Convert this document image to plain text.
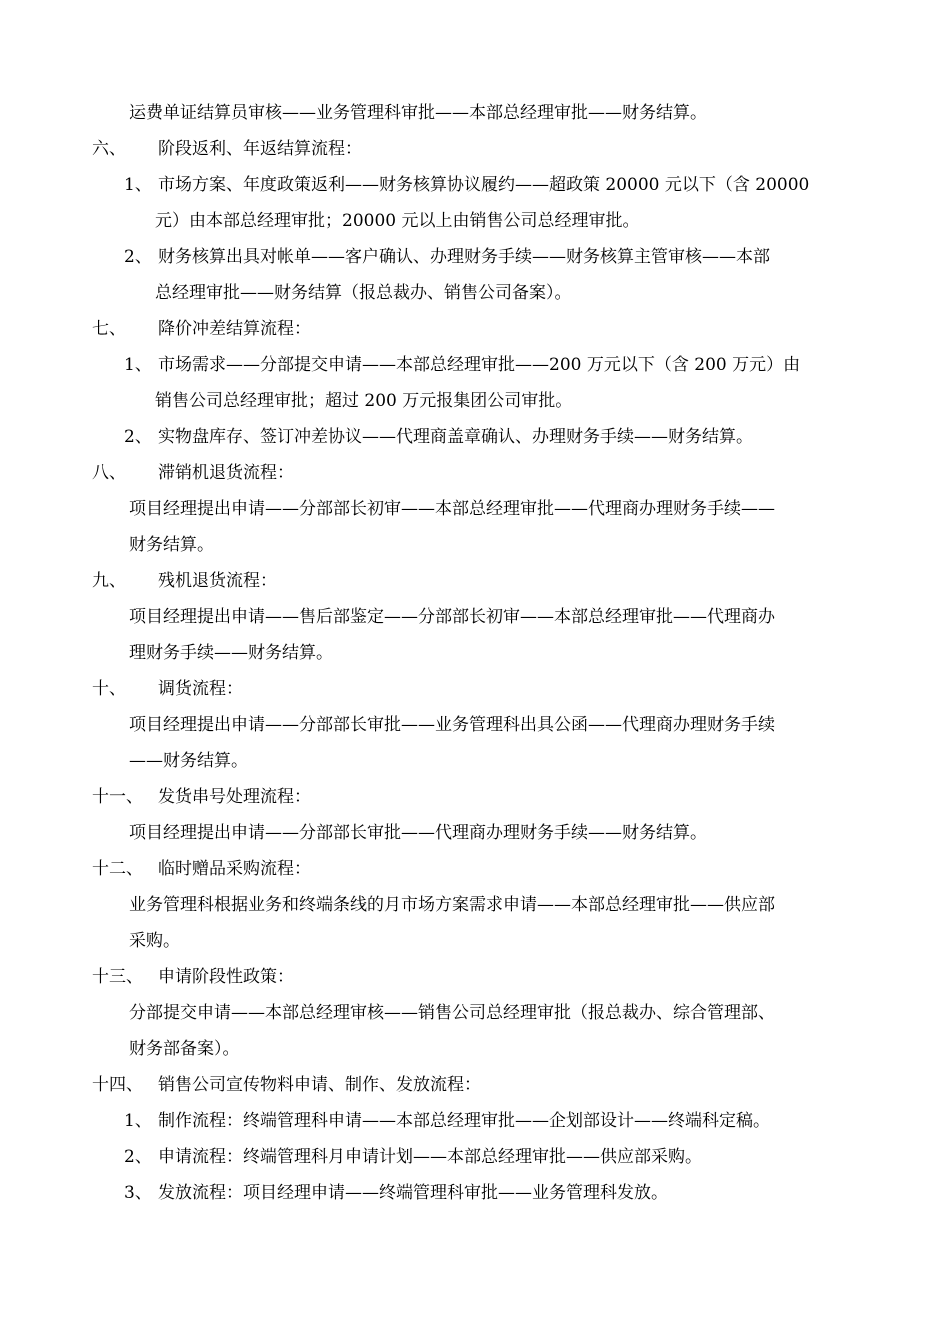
运费单证结算员审核——业务管理科审批——本部总经理审批——财务结算。
六、 阶段返利、年返结算流程：
1、 市场方案、年度政策返利——财务核算协议履约——超政策 20000 元以下（含 20000
元）由本部总经理审批；20000 元以上由销售公司总经理审批。
2、 财务核算出具对帐单——客户确认、办理财务手续——财务核算主管审核——本部
总经理审批——财务结算（报总裁办、销售公司备案）。
七、 降价冲差结算流程：
1、 市场需求——分部提交申请——本部总经理审批——200 万元以下（含 200 万元）由
销售公司总经理审批；超过 200 万元报集团公司审批。
2、 实物盘库存、签订冲差协议——代理商盖章确认、办理财务手续——财务结算。
八、 滞销机退货流程：
项目经理提出申请——分部部长初审——本部总经理审批——代理商办理财务手续——
财务结算。
九、 残机退货流程：
项目经理提出申请——售后部鉴定——分部部长初审——本部总经理审批——代理商办
理财务手续——财务结算。
十、 调货流程：
项目经理提出申请——分部部长审批——业务管理科出具公函——代理商办理财务手续
——财务结算。
十一、 发货串号处理流程：
项目经理提出申请——分部部长审批——代理商办理财务手续——财务结算。
十二、 临时赠品采购流程：
业务管理科根据业务和终端条线的月市场方案需求申请——本部总经理审批——供应部
采购。
十三、 申请阶段性政策：
分部提交申请——本部总经理审核——销售公司总经理审批（报总裁办、综合管理部、
财务部备案）。
十四、 销售公司宣传物料申请、制作、发放流程：
1、 制作流程：终端管理科申请——本部总经理审批——企划部设计——终端科定稿。
2、 申请流程：终端管理科月申请计划——本部总经理审批——供应部采购。
3、 发放流程：项目经理申请——终端管理科审批——业务管理科发放。
